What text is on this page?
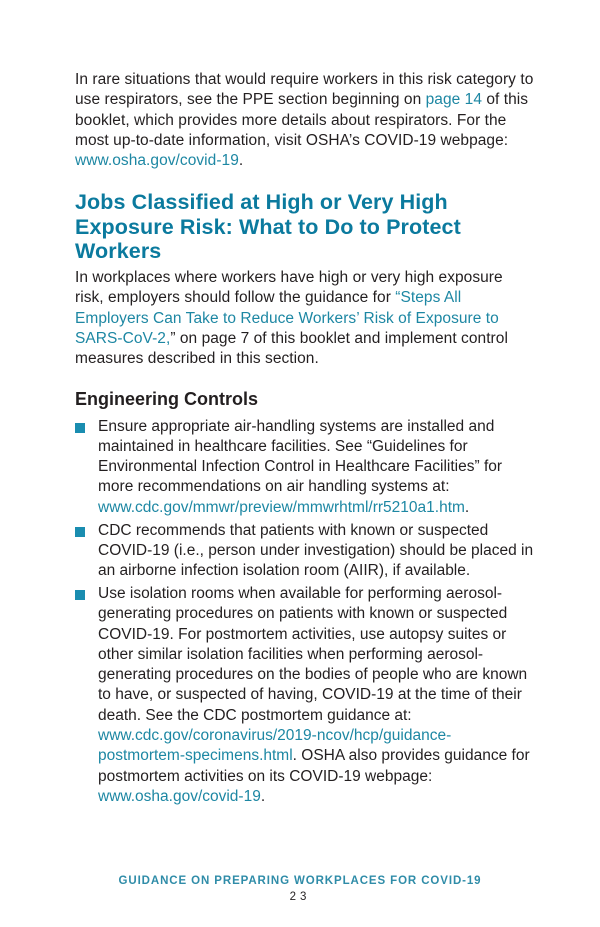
In rare situations that would require workers in this risk category to use respirators, see the PPE section beginning on page 14 of this booklet, which provides more details about respirators. For the most up-to-date information, visit OSHA’s COVID-19 webpage: www.osha.gov/covid-19.

Jobs Classified at High or Very High Exposure Risk: What to Do to Protect Workers

In workplaces where workers have high or very high exposure risk, employers should follow the guidance for “Steps All Employers Can Take to Reduce Workers’ Risk of Exposure to SARS-CoV-2,” on page 7 of this booklet and implement control measures described in this section.

Engineering Controls
Ensure appropriate air-handling systems are installed and maintained in healthcare facilities. See “Guidelines for Environmental Infection Control in Healthcare Facilities” for more recommendations on air handling systems at: www.cdc.gov/mmwr/preview/mmwrhtml/rr5210a1.htm.
CDC recommends that patients with known or suspected COVID-19 (i.e., person under investigation) should be placed in an airborne infection isolation room (AIIR), if available.
Use isolation rooms when available for performing aerosol-generating procedures on patients with known or suspected COVID-19. For postmortem activities, use autopsy suites or other similar isolation facilities when performing aerosol-generating procedures on the bodies of people who are known to have, or suspected of having, COVID-19 at the time of their death. See the CDC postmortem guidance at: www.cdc.gov/coronavirus/2019-ncov/hcp/guidance-postmortem-specimens.html. OSHA also provides guidance for postmortem activities on its COVID-19 webpage: www.osha.gov/covid-19.
GUIDANCE ON PREPARING WORKPLACES FOR COVID-19
23
